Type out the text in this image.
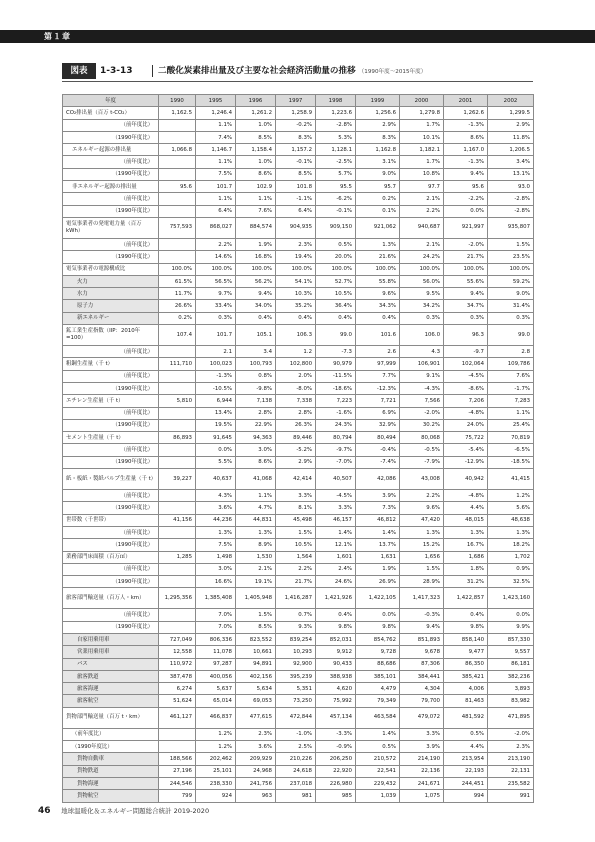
第１章
図表	1-3-13	二酸化炭素排出量及び主要な社会経済活動量の推移 （1990年度～2015年度）
年度	1990	1995	1996	1997	1998	1999	2000	2001	2002
CO₂排出量（百万 t-CO₂）	1,162.5	1,246.4	1,261.2	1,258.9	1,223.6	1,256.6	1,279.8	1,262.6	1,299.5
（前年度比）		1.1%	1.0%	-0.2%	-2.8%	2.9%	1.7%	-1.3%	2.9%
（1990年度比）		7.4%	8.5%	8.3%	5.3%	8.3%	10.1%	8.6%	11.8%
エネルギー起源の排出量	1,066.8	1,146.7	1,158.4	1,157.2	1,128.1	1,162.8	1,182.1	1,167.0	1,206.5
（前年度比）		1.1%	1.0%	-0.1%	-2.5%	3.1%	1.7%	-1.3%	3.4%
（1990年度比）		7.5%	8.6%	8.5%	5.7%	9.0%	10.8%	9.4%	13.1%
非エネルギー起源の排出量	95.6	101.7	102.9	101.8	95.5	95.7	97.7	95.6	93.0
（前年度比）		1.1%	1.1%	-1.1%	-6.2%	0.2%	2.1%	-2.2%	-2.8%
（1990年度比）		6.4%	7.6%	6.4%	-0.1%	0.1%	2.2%	0.0%	-2.8%
電気事業者の発電電力量（百万 kWh）	757,593	868,027	884,574	904,935	909,150	921,062	940,687	921,997	935,807
（前年度比）		2.2%	1.9%	2.3%	0.5%	1.3%	2.1%	-2.0%	1.5%
（1990年度比）		14.6%	16.8%	19.4%	20.0%	21.6%	24.2%	21.7%	23.5%
電気事業者の電源構成比	100.0%	100.0%	100.0%	100.0%	100.0%	100.0%	100.0%	100.0%	100.0%
火力	61.5%	56.5%	56.2%	54.1%	52.7%	55.8%	56.0%	55.6%	59.2%
水力	11.7%	9.7%	9.4%	10.3%	10.5%	9.6%	9.5%	9.4%	9.0%
原子力	26.6%	33.4%	34.0%	35.2%	36.4%	34.3%	34.2%	34.7%	31.4%
新エネルギー	0.2%	0.3%	0.4%	0.4%	0.4%	0.4%	0.3%	0.3%	0.3%
鉱工業生産指数（IIP：2010年=100）	107.4	101.7	105.1	106.3	99.0	101.6	106.0	96.3	99.0
（前年度比）		2.1	3.4	1.2	-7.3	2.6	4.3	-9.7	2.8
粗鋼生産量（千 t）	111,710	100,023	100,793	102,800	90,979	97,999	106,901	102,064	109,786
（前年度比）		-1.3%	0.8%	2.0%	-11.5%	7.7%	9.1%	-4.5%	7.6%
（1990年度比）		-10.5%	-9.8%	-8.0%	-18.6%	-12.3%	-4.3%	-8.6%	-1.7%
エチレン生産量（千 t）	5,810	6,944	7,138	7,338	7,223	7,721	7,566	7,206	7,283
（前年度比）		13.4%	2.8%	2.8%	-1.6%	6.9%	-2.0%	-4.8%	1.1%
（1990年度比）		19.5%	22.9%	26.3%	24.3%	32.9%	30.2%	24.0%	25.4%
セメント生産量（千 t）	86,893	91,645	94,363	89,446	80,794	80,494	80,068	75,722	70,819
（前年度比）		0.0%	3.0%	-5.2%	-9.7%	-0.4%	-0.5%	-5.4%	-6.5%
（1990年度比）		5.5%	8.6%	2.9%	-7.0%	-7.4%	-7.9%	-12.9%	-18.5%
紙・板紙・製紙パルプ生産量（千 t）	39,227	40,637	41,068	42,414	40,507	42,086	43,008	40,942	41,415
（前年度比）		4.3%	1.1%	3.3%	-4.5%	3.9%	2.2%	-4.8%	1.2%
（1990年度比）		3.6%	4.7%	8.1%	3.3%	7.3%	9.6%	4.4%	5.6%
世帯数（千世帯）	41,156	44,236	44,831	45,498	46,157	46,812	47,420	48,015	48,638
（前年度比）		1.3%	1.3%	1.5%	1.4%	1.4%	1.3%	1.3%	1.3%
（1990年度比）		7.5%	8.9%	10.5%	12.1%	13.7%	15.2%	16.7%	18.2%
業務部門床面積（百万㎡）	1,285	1,498	1,530	1,564	1,601	1,631	1,656	1,686	1,702
（前年度比）		3.0%	2.1%	2.2%	2.4%	1.9%	1.5%	1.8%	0.9%
（1990年度比）		16.6%	19.1%	21.7%	24.6%	26.9%	28.9%	31.2%	32.5%
旅客部門輸送量（百万人・km）	1,295,356	1,385,408	1,405,948	1,416,287	1,421,926	1,422,105	1,417,323	1,422,857	1,423,160
（前年度比）		7.0%	1.5%	0.7%	0.4%	0.0%	-0.3%	0.4%	0.0%
（1990年度比）		7.0%	8.5%	9.3%	9.8%	9.8%	9.4%	9.8%	9.9%
自家用乗用車	727,049	806,336	823,552	839,254	852,031	854,762	851,893	858,140	857,330
営業用乗用車	12,558	11,078	10,661	10,293	9,912	9,728	9,678	9,477	9,557
バス	110,972	97,287	94,891	92,900	90,433	88,686	87,306	86,350	86,181
旅客鉄道	387,478	400,056	402,156	395,239	388,938	385,101	384,441	385,421	382,236
旅客海運	6,274	5,637	5,634	5,351	4,620	4,479	4,304	4,006	3,893
旅客航空	51,624	65,014	69,053	73,250	75,992	79,349	79,700	81,463	83,982
貨物部門輸送量（百万 t・km）	461,127	466,837	477,615	472,844	457,134	463,584	479,072	481,592	471,895
（前年度比）		1.2%	2.3%	-1.0%	-3.3%	1.4%	3.3%	0.5%	-2.0%
（1990年度比）		1.2%	3.6%	2.5%	-0.9%	0.5%	3.9%	4.4%	2.3%
貨物自動車	188,566	202,462	209,929	210,226	206,250	210,572	214,190	213,954	213,190
貨物鉄道	27,196	25,101	24,968	24,618	22,920	22,541	22,136	22,193	22,131
貨物海運	244,546	238,330	241,756	237,018	226,980	229,432	241,671	244,451	235,582
貨物航空	799	924	963	981	985	1,039	1,075	994	991
46 地球温暖化＆エネルギー問題総合統計 2019-2020
